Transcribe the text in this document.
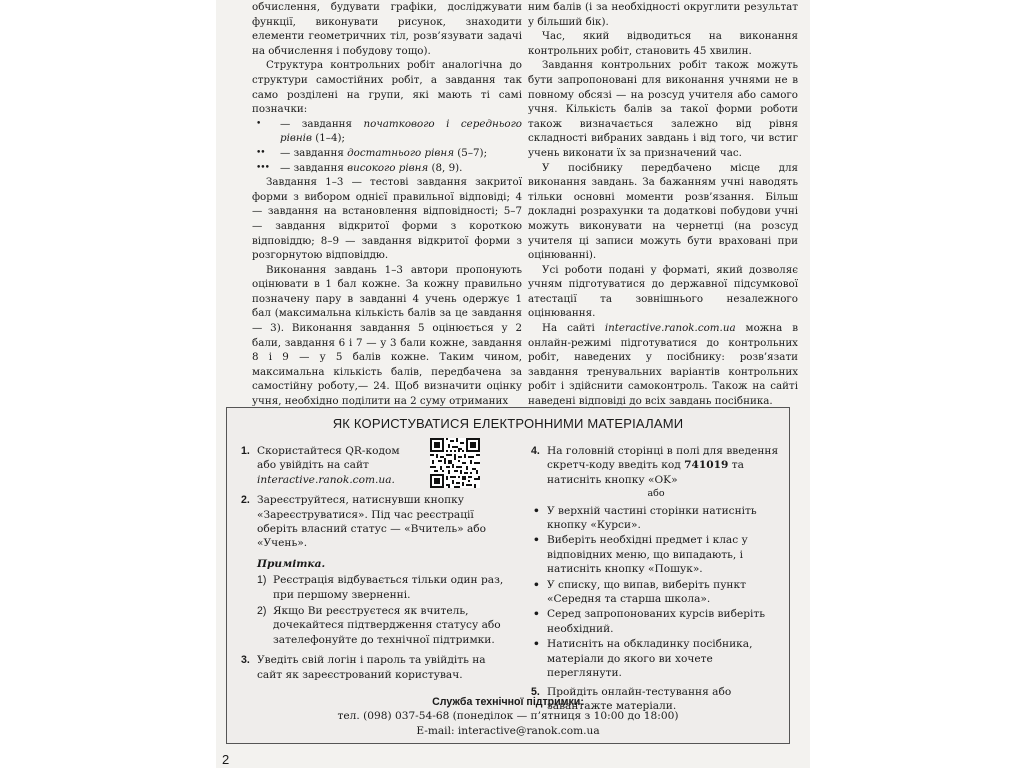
обчислення, будувати графіки, досліджувати функції, виконувати рисунок, знаходити елементи геометричних тіл, розв’язувати задачі на обчислення і побудову тощо).

Структура контрольних робіт аналогічна до структури самостійних робіт, а завдання так само розділені на групи, які мають ті самі позначки:

• — завдання початкового і середнього рівнів (1–4);
•• — завдання достатнього рівня (5–7);
••• — завдання високого рівня (8, 9).

Завдання 1–3 — тестові завдання закритої форми з вибором однієї правильної відповіді; 4 — завдання на встановлення відповідності; 5–7 — завдання відкритої форми з короткою відповіддю; 8–9 — завдання відкритої форми з розгорнутою відповіддю.

Виконання завдань 1–3 автори пропонують оцінювати в 1 бал кожне. За кожну правильно позначену пару в завданні 4 учень одержує 1 бал (максимальна кількість балів за це завдання — 3). Виконання завдання 5 оцінюється у 2 бали, завдання 6 і 7 — у 3 бали кожне, завдання 8 і 9 — у 5 балів кожне. Таким чином, максимальна кількість балів, передбачена за самостійну роботу,— 24. Щоб визначити оцінку учня, необхідно поділити на 2 суму отриманих

ним балів (і за необхідності округлити результат у більший бік).

Час, який відводиться на виконання контрольних робіт, становить 45 хвилин.

Завдання контрольних робіт також можуть бути запропоновані для виконання учнями не в повному обсязі — на розсуд учителя або самого учня. Кількість балів за такої форми роботи також визначається залежно від рівня складності вибраних завдань і від того, чи встиг учень виконати їх за призначений час.

У посібнику передбачено місце для виконання завдань. За бажанням учні наводять тільки основні моменти розв’язання. Більш докладні розрахунки та додаткові побудови учні можуть виконувати на чернетці (на розсуд учителя ці записи можуть бути враховані при оцінюванні).

Усі роботи подані у форматі, який дозволяє учням підготуватися до державної підсумкової атестації та зовнішнього незалежного оцінювання.

На сайті interactive.ranok.com.ua можна в онлайн-режимі підготуватися до контрольних робіт, наведених у посібнику: розв’язати завдання тренувальних варіантів контрольних робіт і здійснити самоконтроль. Також на сайті наведені відповіді до всіх завдань посібника.

ЯК КОРИСТУВАТИСЯ ЕЛЕКТРОННИМИ МАТЕРІАЛАМИ
1. Скористайтеся QR-кодом
або увійдіть на сайт
interactive.ranok.com.ua.
2. Зареєструйтеся, натиснувши кнопку «Зареєструватися». Під час реєстрації оберіть власний статус — «Вчитель» або «Учень».
Примітка.
1) Реєстрація відбувається тільки один раз, при першому зверненні.
2) Якщо Ви реєструєтеся як вчитель, дочекайтеся підтвердження статусу або зателефонуйте до технічної підтримки.
3. Уведіть свій логін і пароль та увійдіть на сайт як зареєстрований користувач.
4. На головній сторінці в полі для введення скретч-коду введіть код 741019 та натисніть кнопку «OK»
або
• У верхній частині сторінки натисніть кнопку «Курси».
• Виберіть необхідні предмет і клас у відповідних меню, що випадають, і натисніть кнопку «Пошук».
• У списку, що випав, виберіть пункт «Середня та старша школа».
• Серед запропонованих курсів виберіть необхідний.
• Натисніть на обкладинку посібника, матеріали до якого ви хочете переглянути.
5. Пройдіть онлайн-тестування або завантажте матеріали.
Служба технічної підтримки:
тел. (098) 037-54-68 (понеділок — п’ятниця з 10:00 до 18:00)
E-mail: interactive@ranok.com.ua
2
